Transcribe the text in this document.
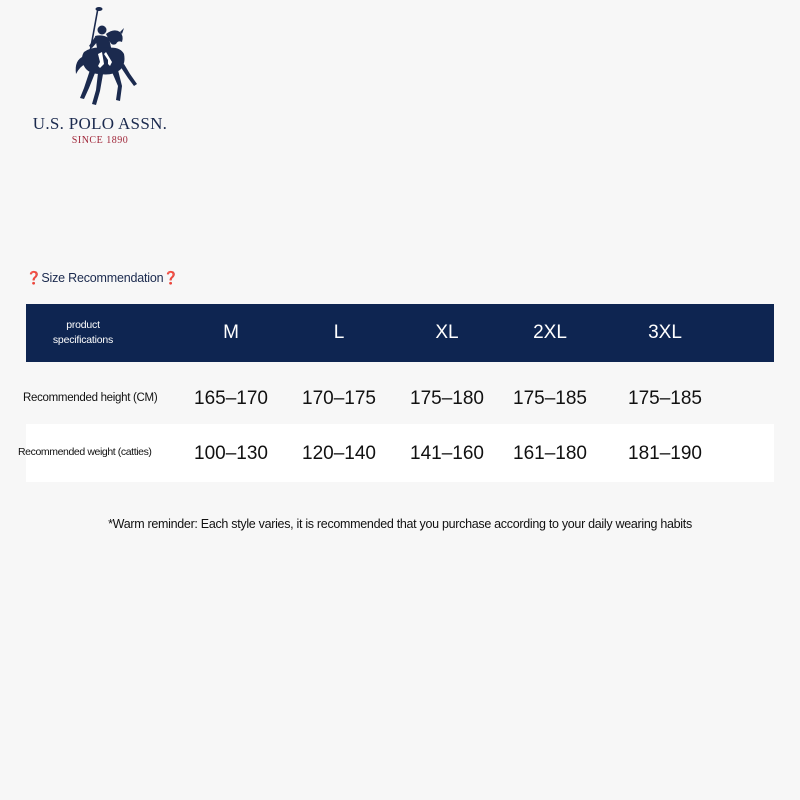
U.S. POLO ASSN.
SINCE 1890
❓Size Recommendation❓
product
specifications	M	L	XL	2XL	3XL
Recommended height (CM)	165–170	170–175	175–180	175–185	175–185
Recommended weight (catties)	100–130	120–140	141–160	161–180	181–190
*Warm reminder: Each style varies, it is recommended that you purchase according to your daily wearing habits
